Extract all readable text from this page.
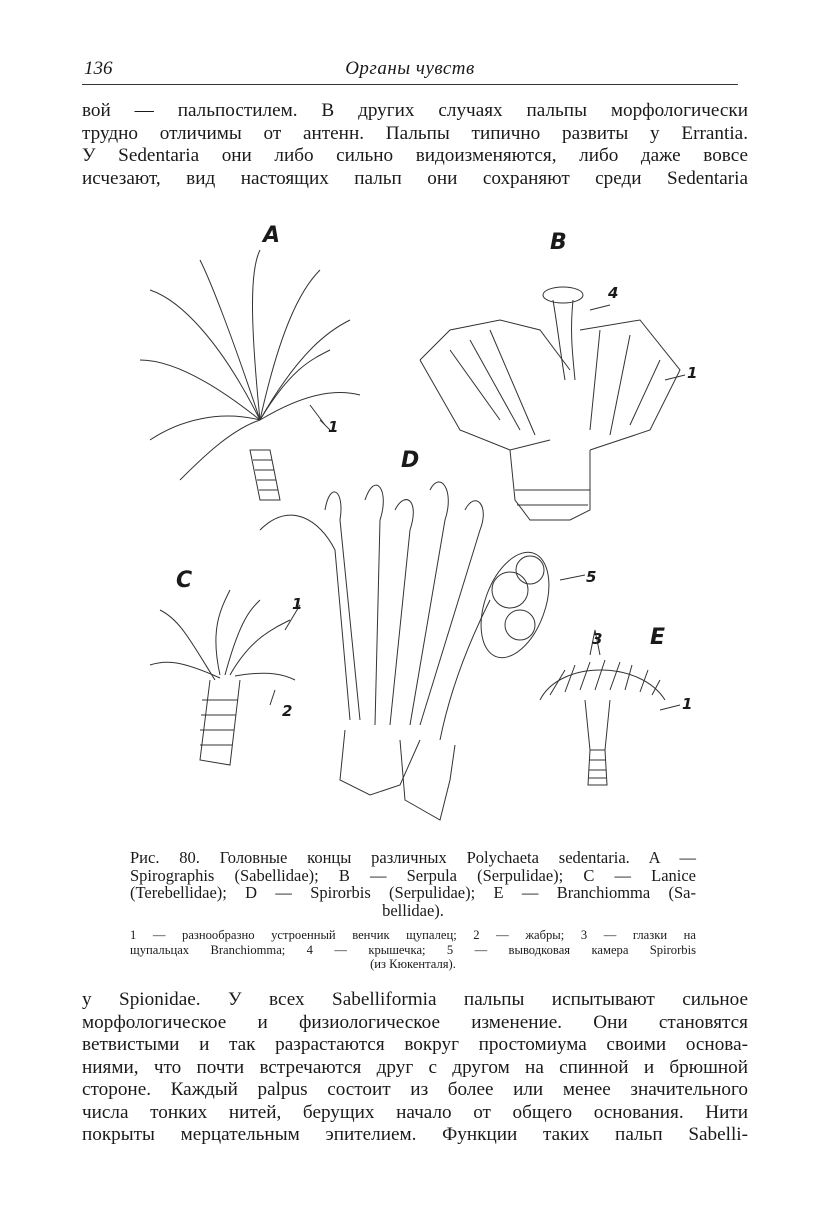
136	Органы чувств
вой — пальпостилем. В других случаях пальпы морфологически
трудно отличимы от антенн. Пальпы типично развиты у Errantia.
У Sedentaria они либо сильно видоизменяются, либо даже вовсе
исчезают, вид настоящих пальп они сохраняют среди Sedentaria
A	B
C
D
E
1
4
1
1
2
5
3
1
Рис. 80. Головные концы различных Polychaeta sedentaria. A —
Spirographis (Sabellidae); B — Serpula (Serpulidae); C — Lanice
(Terebellidae); D — Spirorbis (Serpulidae); E — Branchiomma (Sa-
bellidae).
1 — разнообразно устроенный венчик щупалец; 2 — жабры; 3 — глазки на
щупальцах Branchiomma; 4 — крышечка; 5 — выводковая камера Spirorbis
(из Кюкенталя).
у Spionidae. У всех Sabelliformia пальпы испытывают сильное
морфологическое и физиологическое изменение. Они становятся
ветвистыми и так разрастаются вокруг простомиума своими основа-
ниями, что почти встречаются друг с другом на спинной и брюшной
стороне. Каждый palpus состоит из более или менее значительного
числа тонких нитей, берущих начало от общего основания. Нити
покрыты мерцательным эпителием. Функции таких пальп Sabelli-
